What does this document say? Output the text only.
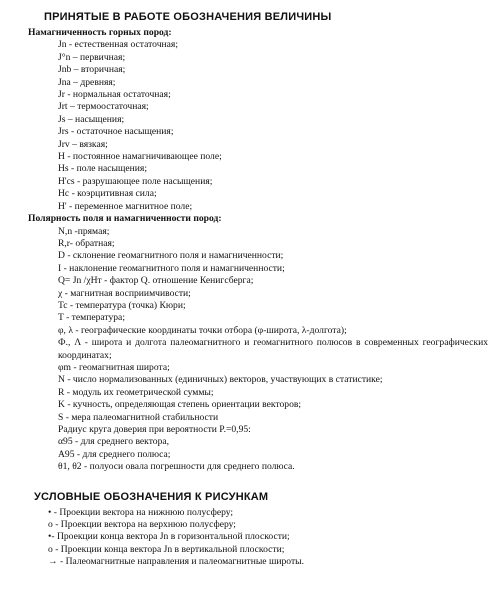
ПРИНЯТЫЕ В РАБОТЕ ОБОЗНАЧЕНИЯ ВЕЛИЧИНЫ
Намагниченность горных пород:
Jn - естественная остаточная;
J°n – первичная;
Jnb – вторичная;
Jna – древняя;
Jr - нормальная остаточная;
Jrt – термоостаточная;
Js – насыщения;
Jrs - остаточное насыщения;
Jrv – вязкая;
H - постоянное намагничивающее поле;
Hs - поле насыщения;
H'cs - разрушающее поле насыщения;
Hc - коэрцитивная сила;
H' - переменное магнитное поле;
Полярность поля и намагниченности пород:
N,n -прямая;
R,r- обратная;
D - склонение геомагнитного поля и намагниченности;
I - наклонение геомагнитного поля и намагниченности;
Q= Jn /χHт - фактор Q. отношение Кенигсберга;
χ - магнитная восприимчивости;
Tc - температура (точка) Кюри;
T - температура;
φ, λ - географические координаты точки отбора (φ-широта, λ-долгота);
Ф., Λ - широта и долгота палеомагнитного и геомагнитного полюсов в современных географических координатах;
φm - геомагнитная широта;
N - число нормализованных (единичных) векторов, участвующих в статистике;
R - модуль их геометрической суммы;
K - кучность, определяющая степень ориентации векторов;
S - мера палеомагнитной стабильности
Радиус круга доверия при вероятности P.=0,95:
α95 - для среднего вектора,
A95 - для среднего полюса;
θ1, θ2 - полуоси овала погрешности для среднего полюса.
УСЛОВНЫЕ ОБОЗНАЧЕНИЯ К РИСУНКАМ
• - Проекции вектора на нижнюю полусферу;
o - Проекции вектора на верхнюю полусферу;
•- Проекции конца вектора Jn в горизонтальной плоскости;
o - Проекции конца вектора Jn в вертикальной плоскости;
→ - Палеомагнитные направления и палеомагнитные широты.
